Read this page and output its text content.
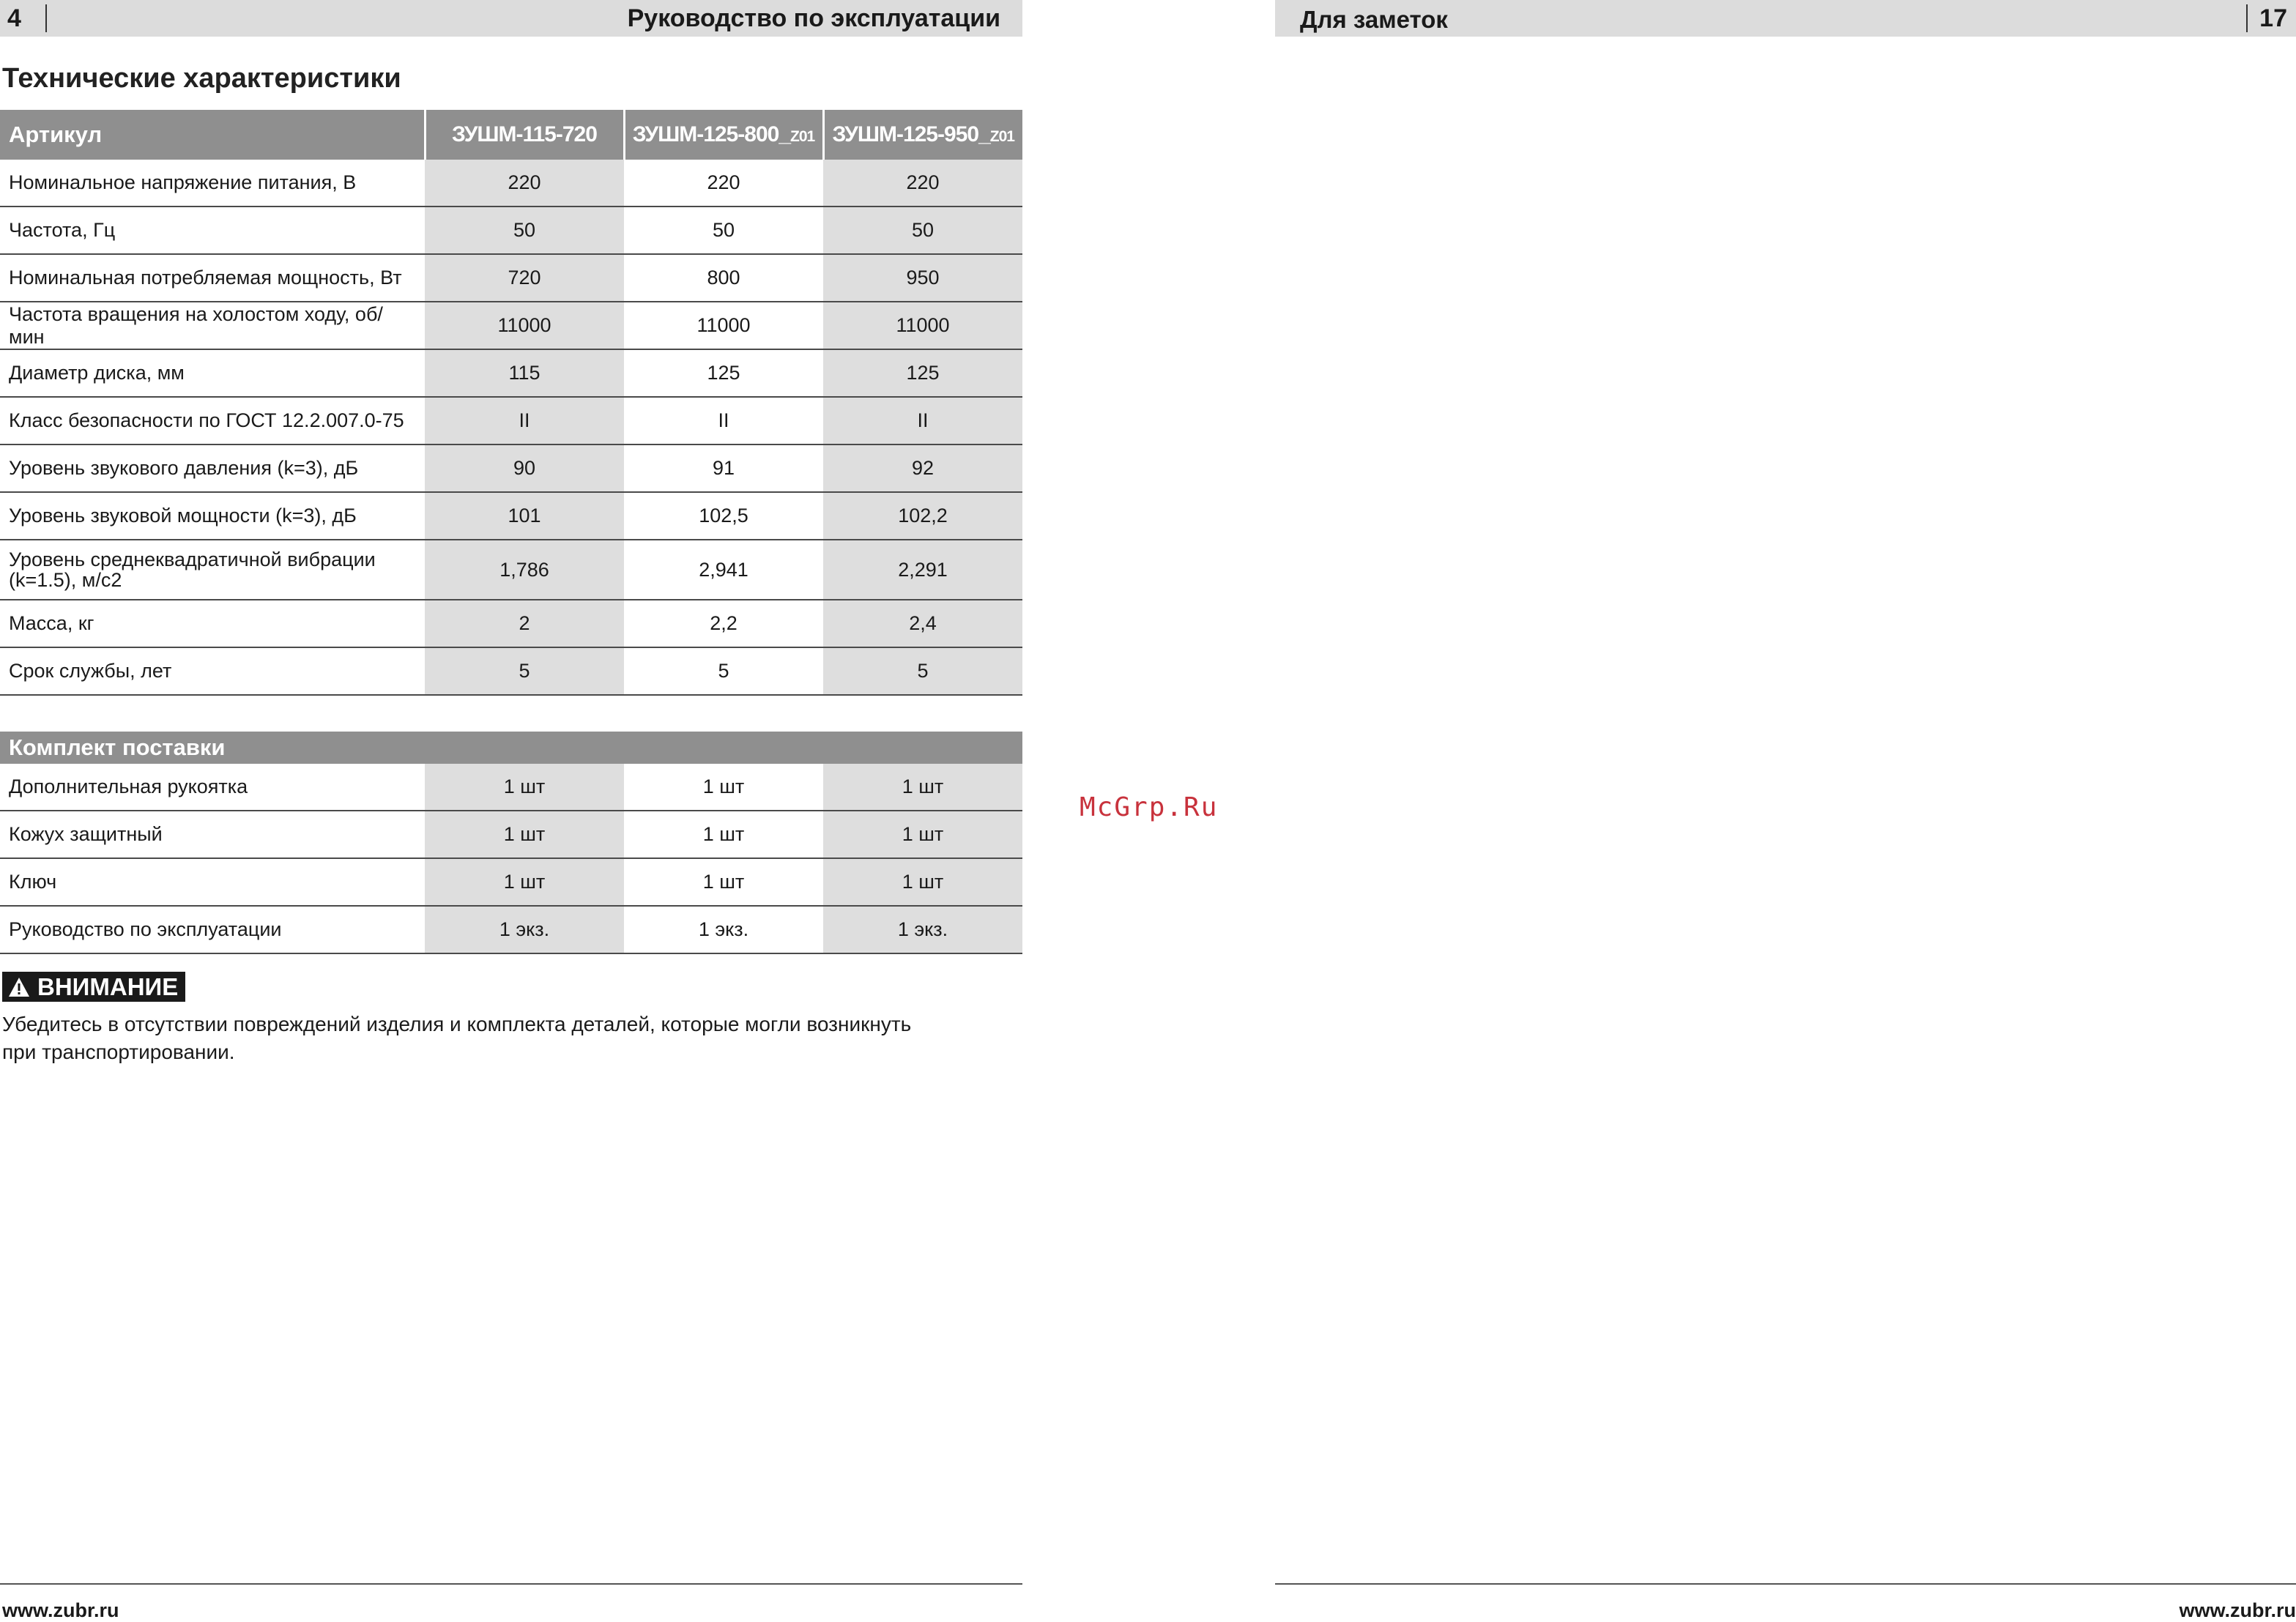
4	Руководство по эксплуатации
Технические характеристики
Артикул	ЗУШМ-115-720	ЗУШМ-125-800_Z01	ЗУШМ-125-950_Z01
Номинальное напряжение питания, В	220	220	220
Частота, Гц	50	50	50
Номинальная потребляемая мощность, Вт	720	800	950
Частота вращения на холостом ходу, об/мин	11000	11000	11000
Диаметр диска, мм	115	125	125
Класс безопасности по ГОСТ 12.2.007.0-75	II	II	II
Уровень звукового давления (k=3), дБ	90	91	92
Уровень звуковой мощности (k=3), дБ	101	102,5	102,2
Уровень среднеквадратичной вибрации (k=1.5), м/с2	1,786	2,941	2,291
Масса, кг	2	2,2	2,4
Срок службы, лет	5	5	5
Комплект поставки			
Дополнительная рукоятка	1 шт	1 шт	1 шт
Кожух защитный	1 шт	1 шт	1 шт
Ключ	1 шт	1 шт	1 шт
Руководство по эксплуатации	1 экз.	1 экз.	1 экз.
ВНИМАНИЕ

Убедитесь в отсутствии повреждений изделия и комплекта деталей, которые могли возникнуть при транспортировании.

www.zubr.ru
McGrp.Ru
Для заметок	17
www.zubr.ru
